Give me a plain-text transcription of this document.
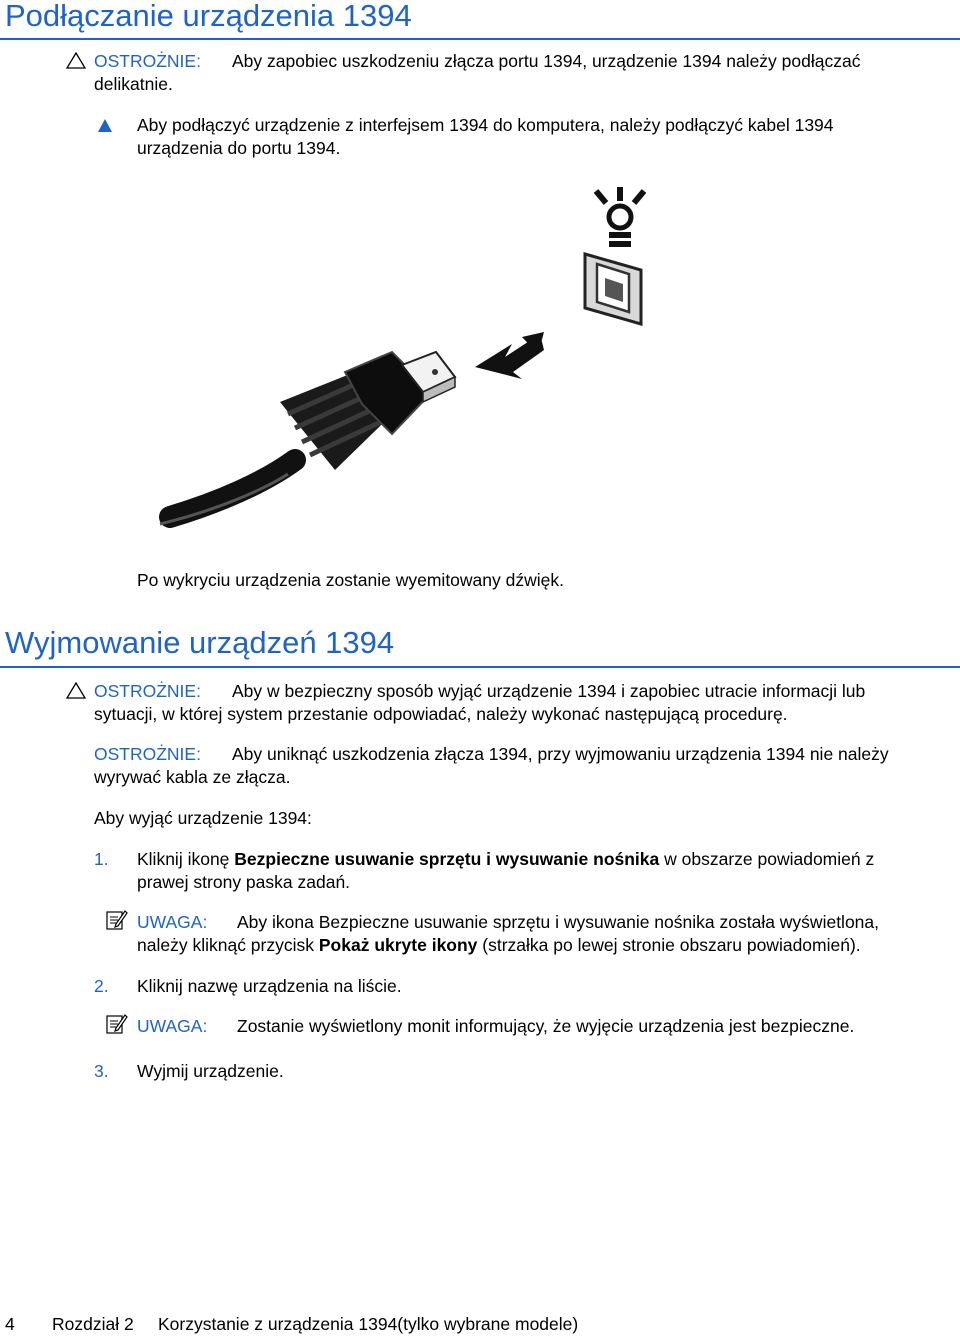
Podłączanie urządzenia 1394
OSTROŻNIE: Aby zapobiec uszkodzeniu złącza portu 1394, urządzenie 1394 należy podłączać
delikatnie.
Aby podłączyć urządzenie z interfejsem 1394 do komputera, należy podłączyć kabel 1394
urządzenia do portu 1394.
Po wykryciu urządzenia zostanie wyemitowany dźwięk.
Wyjmowanie urządzeń 1394
OSTROŻNIE: Aby w bezpieczny sposób wyjąć urządzenie 1394 i zapobiec utracie informacji lub
sytuacji, w której system przestanie odpowiadać, należy wykonać następującą procedurę.
OSTROŻNIE: Aby uniknąć uszkodzenia złącza 1394, przy wyjmowaniu urządzenia 1394 nie należy
wyrywać kabla ze złącza.
Aby wyjąć urządzenie 1394:
1. Kliknij ikonę Bezpieczne usuwanie sprzętu i wysuwanie nośnika w obszarze powiadomień z
prawej strony paska zadań.
UWAGA: Aby ikona Bezpieczne usuwanie sprzętu i wysuwanie nośnika została wyświetlona,
należy kliknąć przycisk Pokaż ukryte ikony (strzałka po lewej stronie obszaru powiadomień).
2. Kliknij nazwę urządzenia na liście.
UWAGA: Zostanie wyświetlony monit informujący, że wyjęcie urządzenia jest bezpieczne.
3. Wyjmij urządzenie.
4 Rozdział 2 Korzystanie z urządzenia 1394(tylko wybrane modele)
